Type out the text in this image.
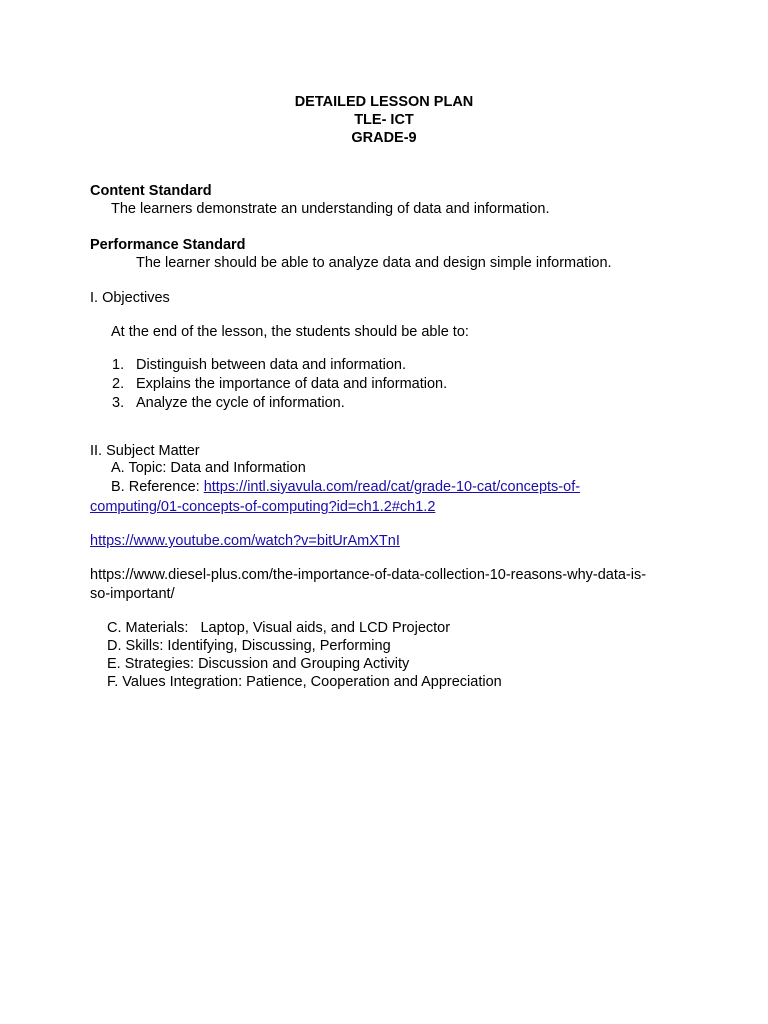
DETAILED LESSON PLAN
TLE- ICT
GRADE-9
Content Standard
The learners demonstrate an understanding of data and information.
Performance Standard
The learner should be able to analyze data and design simple information.
I. Objectives
At the end of the lesson, the students should be able to:
1. Distinguish between data and information.
2. Explains the importance of data and information.
3. Analyze the cycle of information.
II. Subject Matter
A. Topic: Data and Information
B. Reference: https://intl.siyavula.com/read/cat/grade-10-cat/concepts-of-
computing/01-concepts-of-computing?id=ch1.2#ch1.2
https://www.youtube.com/watch?v=bitUrAmXTnI
https://www.diesel-plus.com/the-importance-of-data-collection-10-reasons-why-data-is-
so-important/
C. Materials:   Laptop, Visual aids, and LCD Projector
D. Skills: Identifying, Discussing, Performing
E. Strategies: Discussion and Grouping Activity
F. Values Integration: Patience, Cooperation and Appreciation
